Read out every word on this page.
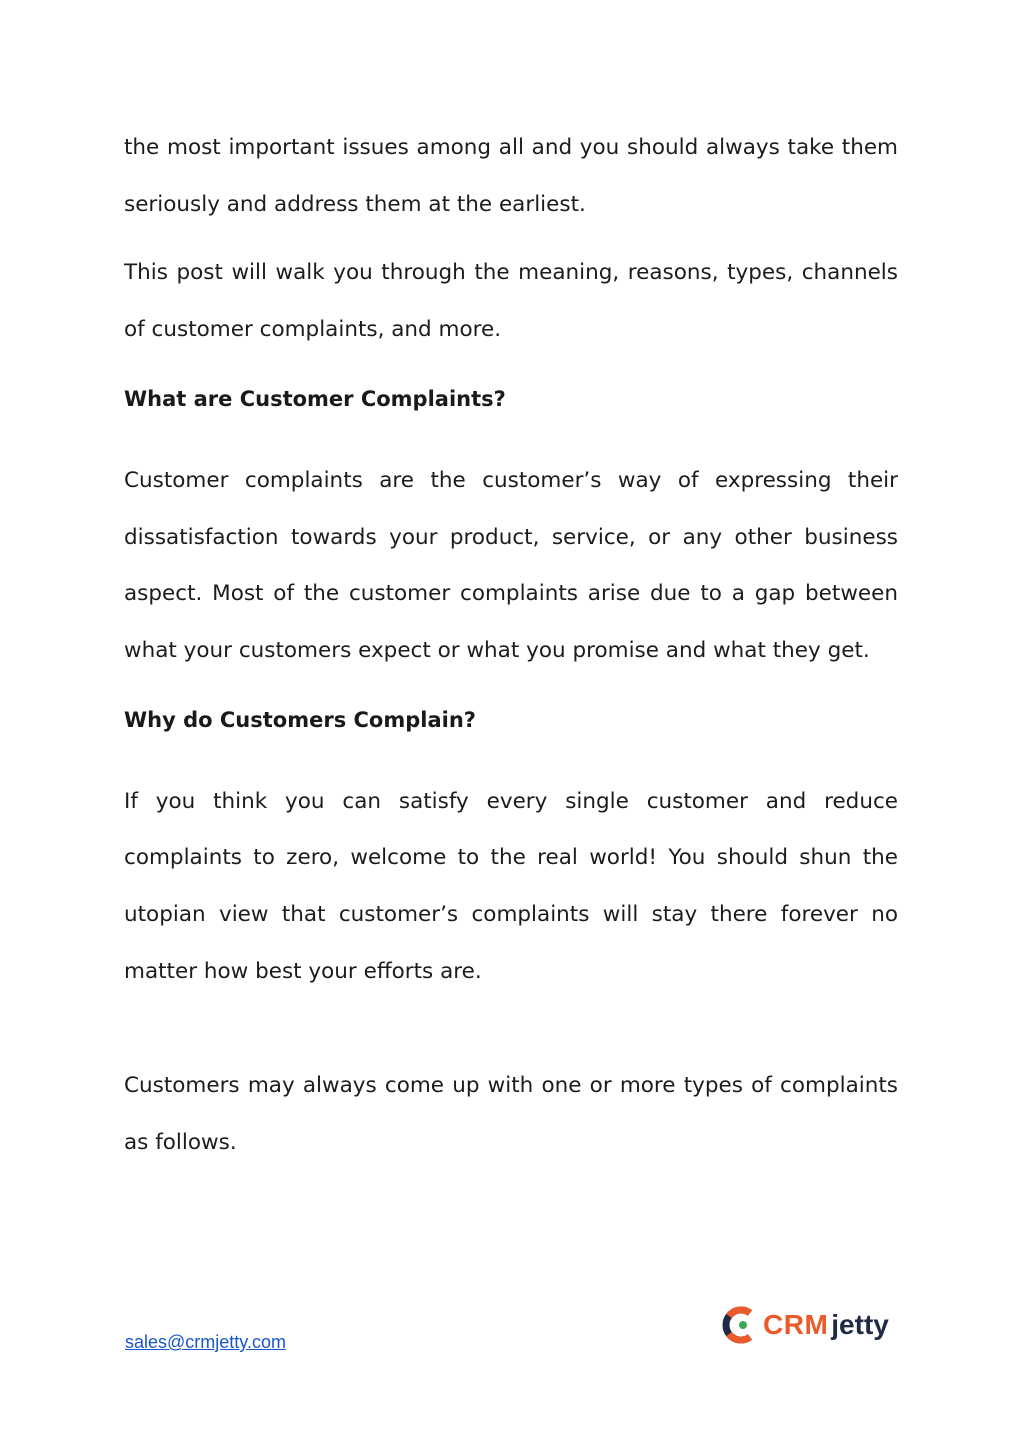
the most important issues among all and you should always take them seriously and address them at the earliest.

This post will walk you through the meaning, reasons, types, channels of customer complaints, and more.

What are Customer Complaints?

Customer complaints are the customer’s way of expressing their dissatisfaction towards your product, service, or any other business aspect. Most of the customer complaints arise due to a gap between what your customers expect or what you promise and what they get.

Why do Customers Complain?

If you think you can satisfy every single customer and reduce complaints to zero, welcome to the real world! You should shun the utopian view that customer’s complaints will stay there forever no matter how best your efforts are.

Customers may always come up with one or more types of complaints as follows.

sales@crmjetty.com
CRM jetty
